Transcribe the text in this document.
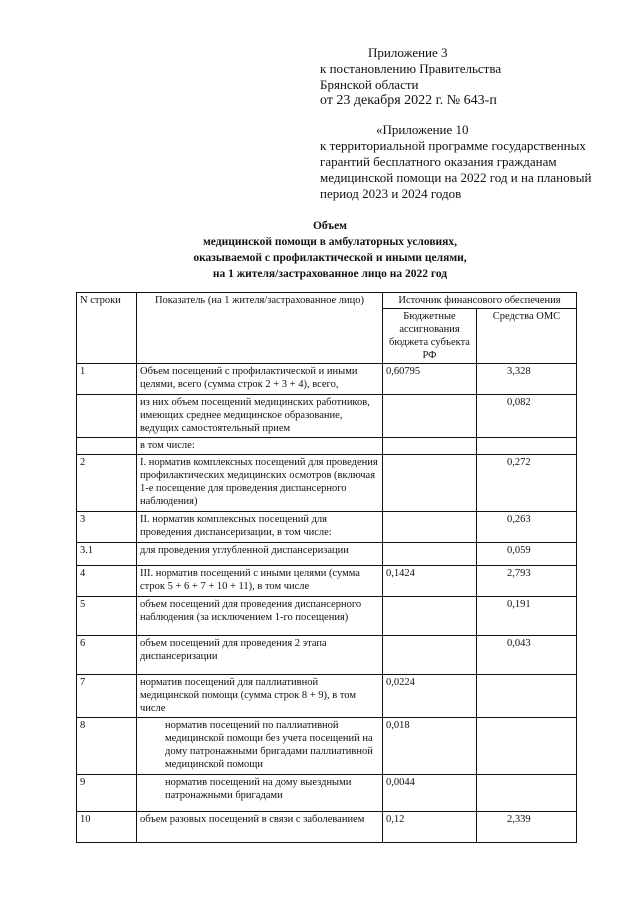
Приложение 3
к постановлению Правительства
Брянской области
от 23 декабря 2022 г. № 643-п
«Приложение 10
к территориальной программе государственных
гарантий бесплатного оказания гражданам
медицинской помощи на 2022 год и на плановый
период 2023 и 2024 годов
Объем
медицинской помощи в амбулаторных условиях,
оказываемой с профилактической и иными целями,
на 1 жителя/застрахованное лицо на 2022 год
N строки	Показатель (на 1 жителя/застрахованное лицо)	Источник финансового обеспечения	
		Бюджетные ассигнования бюджета субъекта РФ	Средства ОМС
1	Объем посещений с профилактической и иными целями, всего (сумма строк 2 + 3 + 4), всего,	0,60795	3,328
	из них объем посещений медицинских работников, имеющих среднее медицинское образование, ведущих самостоятельный прием		0,082
	в том числе:		
2	I. норматив комплексных посещений для проведения профилактических медицинских осмотров (включая 1-е посещение для проведения диспансерного наблюдения)		0,272
3	II. норматив комплексных посещений для проведения диспансеризации, в том числе:		0,263
3.1	для проведения углубленной диспансеризации		0,059
4	III. норматив посещений с иными целями (сумма строк 5 + 6 + 7 + 10 + 11), в том числе	0,1424	2,793
5	объем посещений для проведения диспансерного наблюдения (за исключением 1-го посещения)		0,191
6	объем посещений для проведения 2 этапа диспансеризации		0,043
7	норматив посещений для паллиативной медицинской помощи (сумма строк 8 + 9), в том числе	0,0224	
8	норматив посещений по паллиативной медицинской помощи без учета посещений на дому патронажными бригадами паллиативной медицинской помощи	0,018	
9	норматив посещений на дому выездными патронажными бригадами	0,0044	
10	объем разовых посещений в связи с заболеванием	0,12	2,339
